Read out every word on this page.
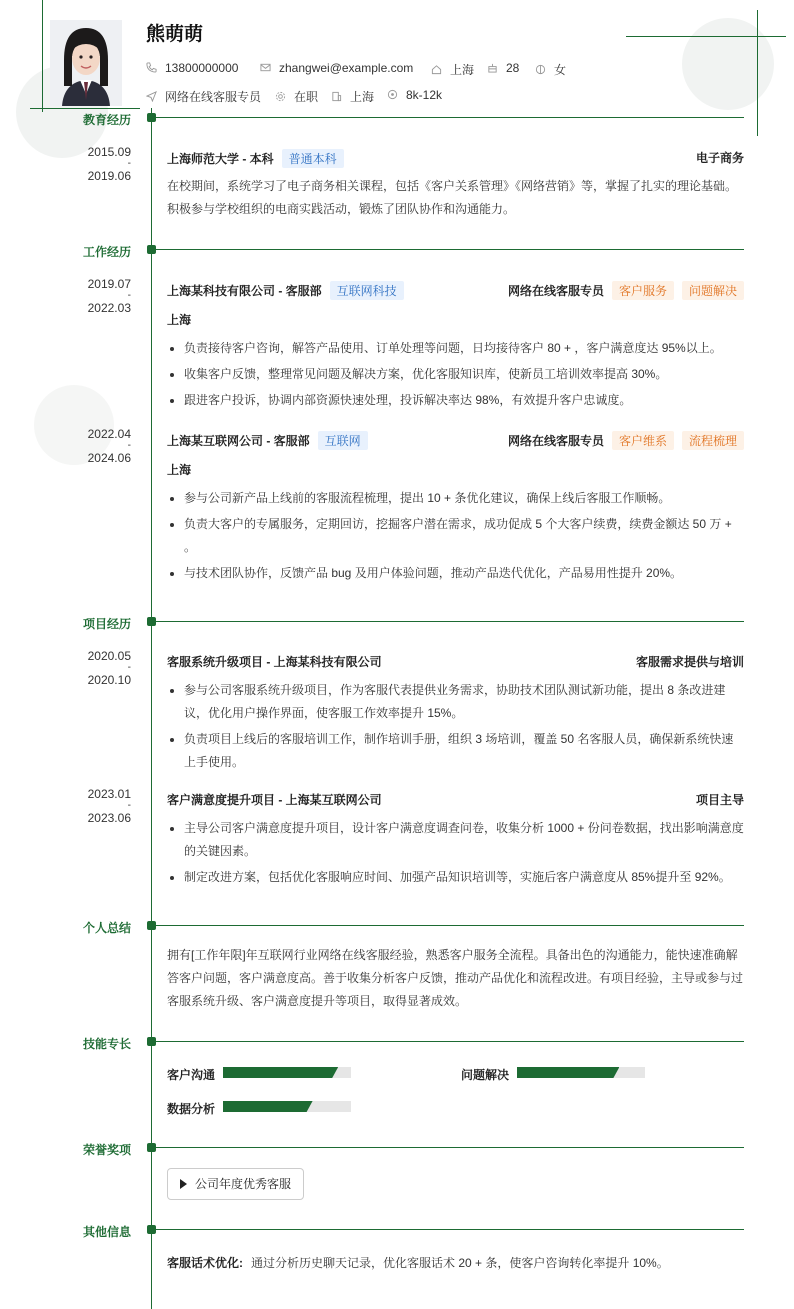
熊萌萌
13800000000	zhangwei@example.com	上海	28	女
网络在线客服专员	在职	上海	8k-12k
教育经历
2015.09
-
2019.06
上海师范大学 - 本科 普通本科	电子商务
在校期间，系统学习了电子商务相关课程，包括《客户关系管理》《网络营销》等，掌握了扎实的理论基础。积极参与学校组织的电商实践活动，锻炼了团队协作和沟通能力。
工作经历
2019.07
-
2022.03
上海某科技有限公司 - 客服部 互联网科技	网络在线客服专员 客户服务 问题解决
上海
负责接待客户咨询，解答产品使用、订单处理等问题，日均接待客户 80 + ，客户满意度达 95%以上。
收集客户反馈，整理常见问题及解决方案，优化客服知识库，使新员工培训效率提高 30%。
跟进客户投诉，协调内部资源快速处理，投诉解决率达 98%，有效提升客户忠诚度。
2022.04
-
2024.06
上海某互联网公司 - 客服部 互联网	网络在线客服专员 客户维系 流程梳理
上海
参与公司新产品上线前的客服流程梳理，提出 10 + 条优化建议，确保上线后客服工作顺畅。
负责大客户的专属服务，定期回访，挖掘客户潜在需求，成功促成 5 个大客户续费，续费金额达 50 万 + 。
与技术团队协作，反馈产品 bug 及用户体验问题，推动产品迭代优化，产品易用性提升 20%。
项目经历
2020.05
-
2020.10
客服系统升级项目 - 上海某科技有限公司	客服需求提供与培训
参与公司客服系统升级项目，作为客服代表提供业务需求，协助技术团队测试新功能，提出 8 条改进建议，优化用户操作界面，使客服工作效率提升 15%。
负责项目上线后的客服培训工作，制作培训手册，组织 3 场培训，覆盖 50 名客服人员，确保新系统快速上手使用。
2023.01
-
2023.06
客户满意度提升项目 - 上海某互联网公司	项目主导
主导公司客户满意度提升项目，设计客户满意度调查问卷，收集分析 1000 + 份问卷数据，找出影响满意度的关键因素。
制定改进方案，包括优化客服响应时间、加强产品知识培训等，实施后客户满意度从 85%提升至 92%。
个人总结
拥有[工作年限]年互联网行业网络在线客服经验，熟悉客户服务全流程。具备出色的沟通能力，能快速准确解答客户问题，客户满意度高。善于收集分析客户反馈，推动产品优化和流程改进。有项目经验，主导或参与过客服系统升级、客户满意度提升等项目，取得显著成效。
技能专长
客户沟通	问题解决
数据分析
荣誉奖项
公司年度优秀客服
其他信息
客服话术优化: 通过分析历史聊天记录，优化客服话术 20 + 条，使客户咨询转化率提升 10%。
